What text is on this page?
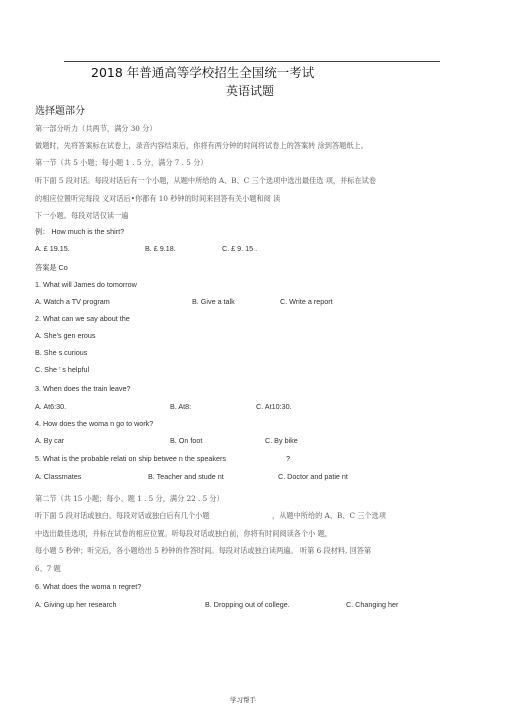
2018 年普通高等学校招生全国统一考试
英语试题
选择题部分
第一部分听力（共两节，满分 30 分）
做题时，先将答案标在试卷上，录音内容结束后，你将有两分钟的时间将试卷上的答案转 涂到答题纸上。
第一节（共 5 小题；每小题 1 . 5 分，满分 7 . 5 分）
听下面 5 段对话。每段对话后有一个小题，从题中所给的 A、B、C 三个选项中选出最佳选 项，并标在试卷
的相应位置听完每段 义对话后•你都有 10 秒钟的时间来回答有关小题和阅 读
下一小题。每段对话仅读一遍
例： How much is the shirt?
A. £ 19.15.	B. £ 9.18.	C. £ 9. 15 .
答案是 Co
1. What will James do tomorrow
A. Watch a TV program	B. Give a talk	C. Write a report
2. What can we say about the
A. She's gen erous
B. She s curious
C. She ’ s helpful
3. When does the train leave?
A. At6:30.	B. At8:	C. At10:30.
4. How does the woma n go to work?
A. By car	B. On foot	C. By bike
5. What is the probable relati on ship betwee n the speakers	?
A. Classmates	B. Teacher and stude nt	C. Doctor and patie nt
第二节（共 15 小题；每小、题 1 . 5 分，满分 22 . 5 分）
听下面 5 段对话或独白。每段对话或独白后有几个小题	，从题中所给的 A、B、C 三个选项
中选出最佳选项，并标在试卷的相应位置。听每段对话或独白前，你将有时间阅读各个小 题，
每小题 5 秒钟；听完后，各小题给出 5 秒钟的作答时间。每段对话或独白读两遍。 听第 6 段材料, 回答第
6、7 题
6. What does the woma n regret?
A. Giving up her research	B. Dropping out of college.	C. Changing her
学习帮手
